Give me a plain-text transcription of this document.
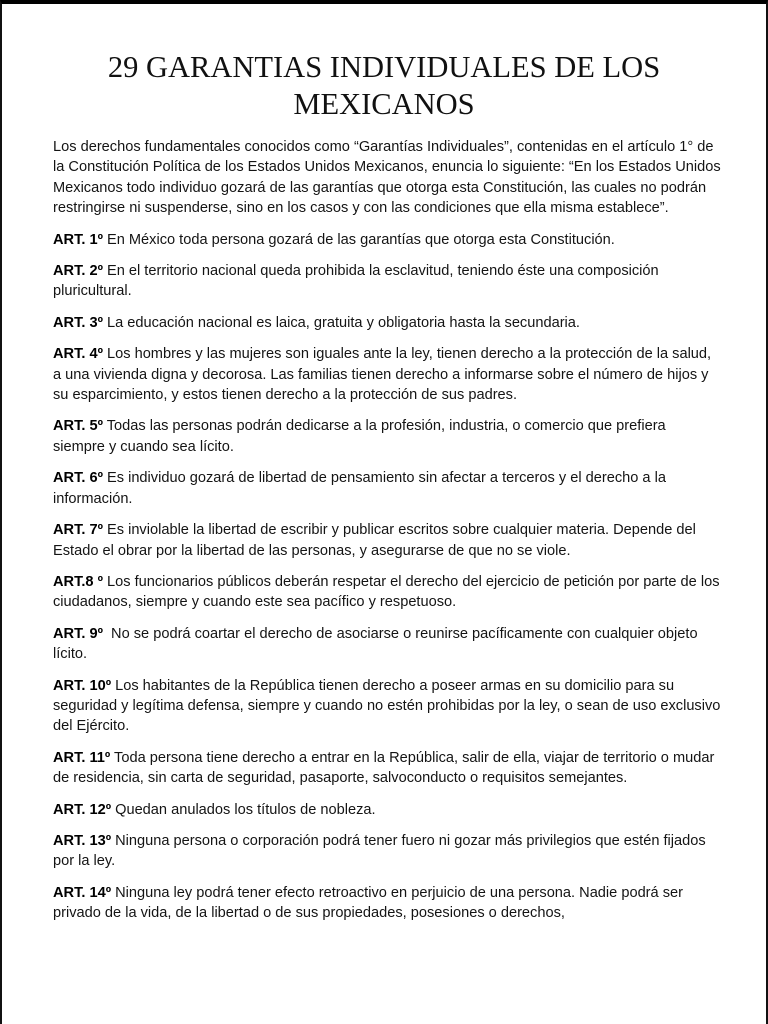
29 GARANTIAS INDIVIDUALES DE LOS
MEXICANOS

Los derechos fundamentales conocidos como “Garantías Individuales”, contenidas en el artículo 1° de la Constitución Política de los Estados Unidos Mexicanos, enuncia lo siguiente: “En los Estados Unidos Mexicanos todo individuo gozará de las garantías que otorga esta Constitución, las cuales no podrán restringirse ni suspenderse, sino en los casos y con las condiciones que ella misma establece”.

ART. 1º En México toda persona gozará de las garantías que otorga esta Constitución.

ART. 2º En el territorio nacional queda prohibida la esclavitud, teniendo éste una composición pluricultural.

ART. 3º La educación nacional es laica, gratuita y obligatoria hasta la secundaria.

ART. 4º Los hombres y las mujeres son iguales ante la ley, tienen derecho a la protección de la salud, a una vivienda digna y decorosa. Las familias tienen derecho a informarse sobre el número de hijos y su esparcimiento, y estos tienen derecho a la protección de sus padres.

ART. 5º Todas las personas podrán dedicarse a la profesión, industria, o comercio que prefiera siempre y cuando sea lícito.

ART. 6º Es individuo gozará de libertad de pensamiento sin afectar a terceros y el derecho a la información.

ART. 7º Es inviolable la libertad de escribir y publicar escritos sobre cualquier materia. Depende del Estado el obrar por la libertad de las personas, y asegurarse de que no se viole.

ART.8 º Los funcionarios públicos deberán respetar el derecho del ejercicio de petición por parte de los ciudadanos, siempre y cuando este sea pacífico y respetuoso.

ART. 9º  No se podrá coartar el derecho de asociarse o reunirse pacíficamente con cualquier objeto lícito.

ART. 10º Los habitantes de la República tienen derecho a poseer armas en su domicilio para su seguridad y legítima defensa, siempre y cuando no estén prohibidas por la ley, o sean de uso exclusivo del Ejército.

ART. 11º Toda persona tiene derecho a entrar en la República, salir de ella, viajar de territorio o mudar de residencia, sin carta de seguridad, pasaporte, salvoconducto o requisitos semejantes.

ART. 12º Quedan anulados los títulos de nobleza.

ART. 13º Ninguna persona o corporación podrá tener fuero ni gozar más privilegios que estén fijados por la ley.

ART. 14º Ninguna ley podrá tener efecto retroactivo en perjuicio de una persona. Nadie podrá ser privado de la vida, de la libertad o de sus propiedades, posesiones o derechos,
